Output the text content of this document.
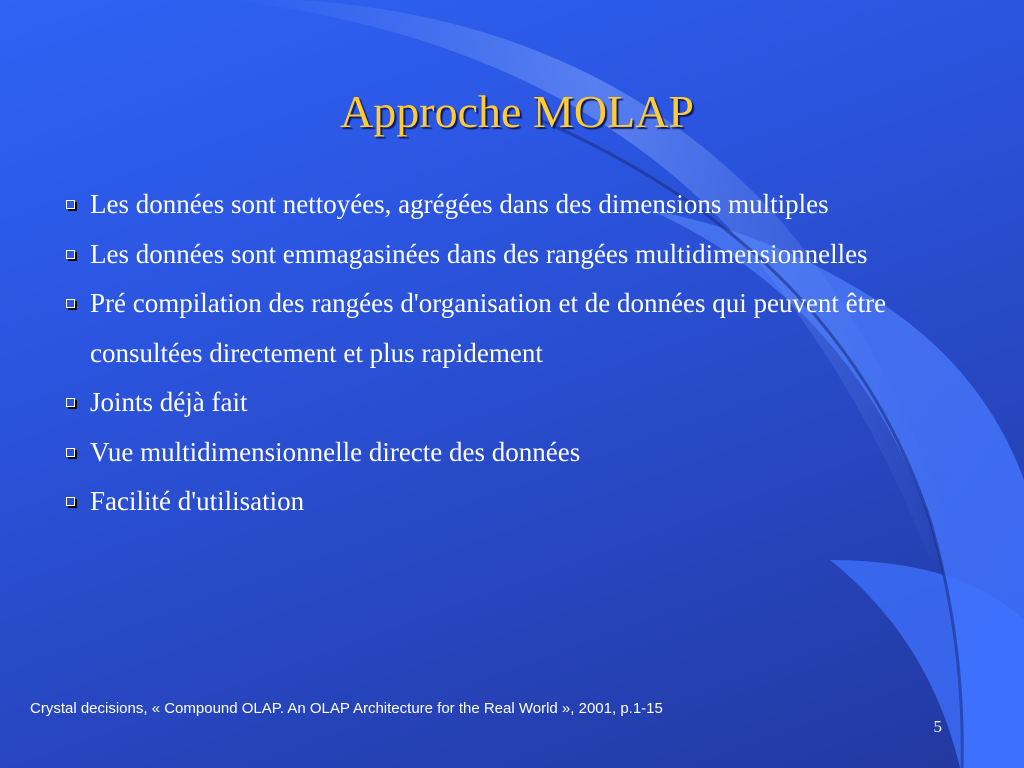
Approche MOLAP
Les données sont nettoyées, agrégées dans des dimensions multiples
Les données sont emmagasinées dans des rangées multidimensionnelles
Pré compilation des rangées d'organisation et de données qui peuvent être consultées directement et plus rapidement
Joints déjà fait
Vue multidimensionnelle directe des données
Facilité d'utilisation
Crystal decisions, « Compound OLAP. An OLAP Architecture for the Real World », 2001, p.1-15
5
